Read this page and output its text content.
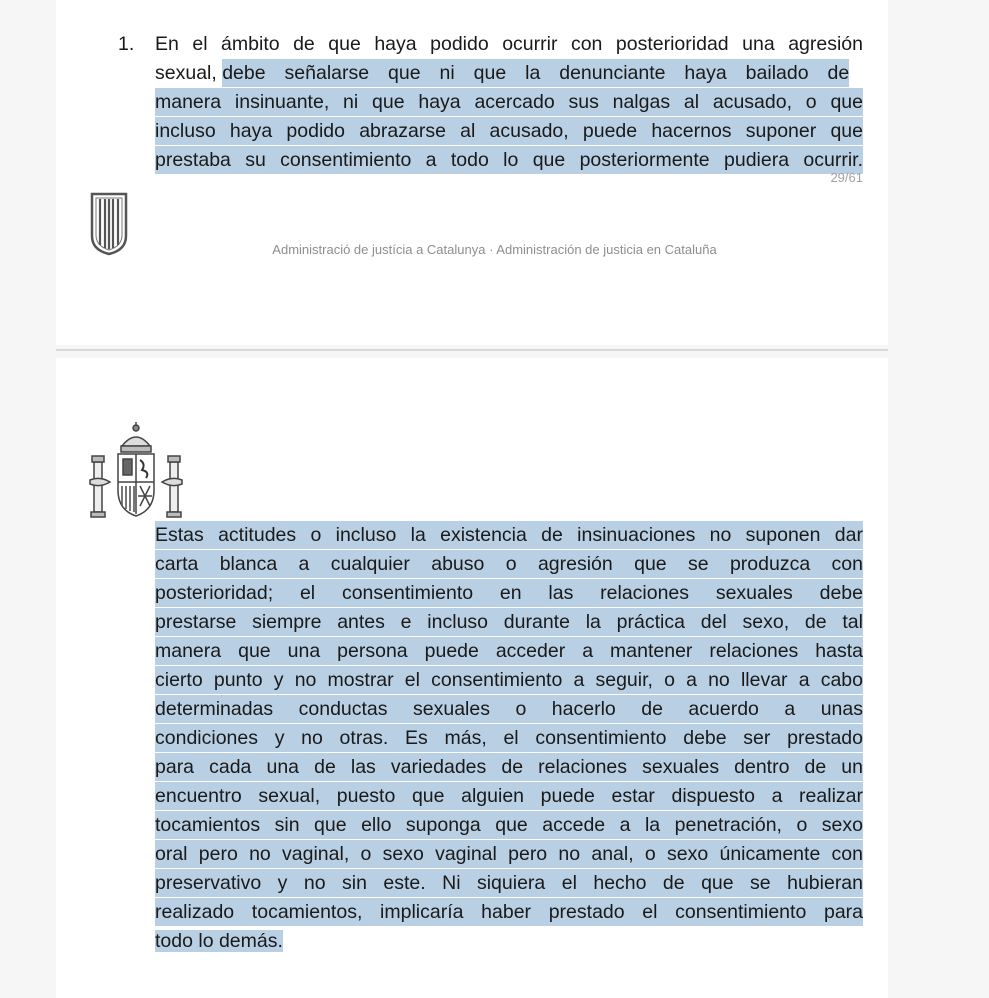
1. En el ámbito de que haya podido ocurrir con posterioridad una agresión
sexual, debe señalarse que ni que la denunciante haya bailado de
manera insinuante, ni que haya acercado sus nalgas al acusado, o que
incluso haya podido abrazarse al acusado, puede hacernos suponer que
prestaba su consentimiento a todo lo que posteriormente pudiera ocurrir.
29/61
Administració de justícia a Catalunya · Administración de justicia en Cataluña
Estas actitudes o incluso la existencia de insinuaciones no suponen dar
carta blanca a cualquier abuso o agresión que se produzca con
posterioridad; el consentimiento en las relaciones sexuales debe
prestarse siempre antes e incluso durante la práctica del sexo, de tal
manera que una persona puede acceder a mantener relaciones hasta
cierto punto y no mostrar el consentimiento a seguir, o a no llevar a cabo
determinadas conductas sexuales o hacerlo de acuerdo a unas
condiciones y no otras. Es más, el consentimiento debe ser prestado
para cada una de las variedades de relaciones sexuales dentro de un
encuentro sexual, puesto que alguien puede estar dispuesto a realizar
tocamientos sin que ello suponga que accede a la penetración, o sexo
oral pero no vaginal, o sexo vaginal pero no anal, o sexo únicamente con
preservativo y no sin este. Ni siquiera el hecho de que se hubieran
realizado tocamientos, implicaría haber prestado el consentimiento para
todo lo demás.
